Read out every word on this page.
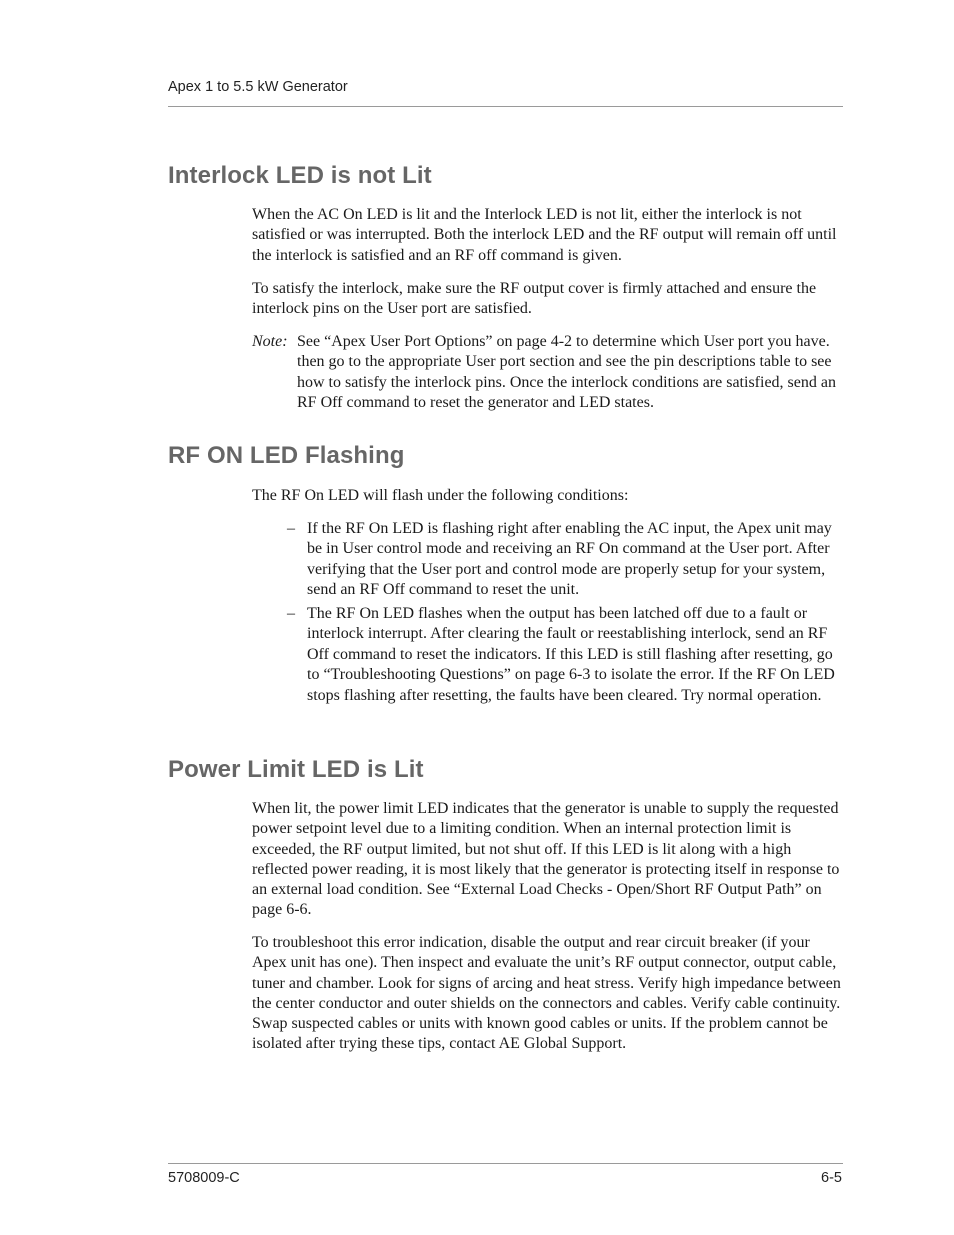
Apex 1 to 5.5 kW Generator
Interlock LED is not Lit

When the AC On LED is lit and the Interlock LED is not lit, either the interlock is not satisfied or was interrupted. Both the interlock LED and the RF output will remain off until the interlock is satisfied and an RF off command is given.

To satisfy the interlock, make sure the RF output cover is firmly attached and ensure the interlock pins on the User port are satisfied.

Note: See “Apex User Port Options” on page 4-2 to determine which User port you have. then go to the appropriate User port section and see the pin descriptions table to see how to satisfy the interlock pins. Once the interlock conditions are satisfied, send an RF Off command to reset the generator and LED states.

RF ON LED Flashing

The RF On LED will flash under the following conditions:

– If the RF On LED is flashing right after enabling the AC input, the Apex unit may be in User control mode and receiving an RF On command at the User port. After verifying that the User port and control mode are properly setup for your system, send an RF Off command to reset the unit.

– The RF On LED flashes when the output has been latched off due to a fault or interlock interrupt. After clearing the fault or reestablishing interlock, send an RF Off command to reset the indicators. If this LED is still flashing after resetting, go to “Troubleshooting Questions” on page 6-3 to isolate the error. If the RF On LED stops flashing after resetting, the faults have been cleared. Try normal operation.

Power Limit LED is Lit

When lit, the power limit LED indicates that the generator is unable to supply the requested power setpoint level due to a limiting condition. When an internal protection limit is exceeded, the RF output limited, but not shut off. If this LED is lit along with a high reflected power reading, it is most likely that the generator is protecting itself in response to an external load condition. See “External Load Checks - Open/Short RF Output Path” on page 6-6.

To troubleshoot this error indication, disable the output and rear circuit breaker (if your Apex unit has one). Then inspect and evaluate the unit’s RF output connector, output cable, tuner and chamber. Look for signs of arcing and heat stress. Verify high impedance between the center conductor and outer shields on the connectors and cables. Verify cable continuity. Swap suspected cables or units with known good cables or units. If the problem cannot be isolated after trying these tips, contact AE Global Support.

5708009-C	6-5
